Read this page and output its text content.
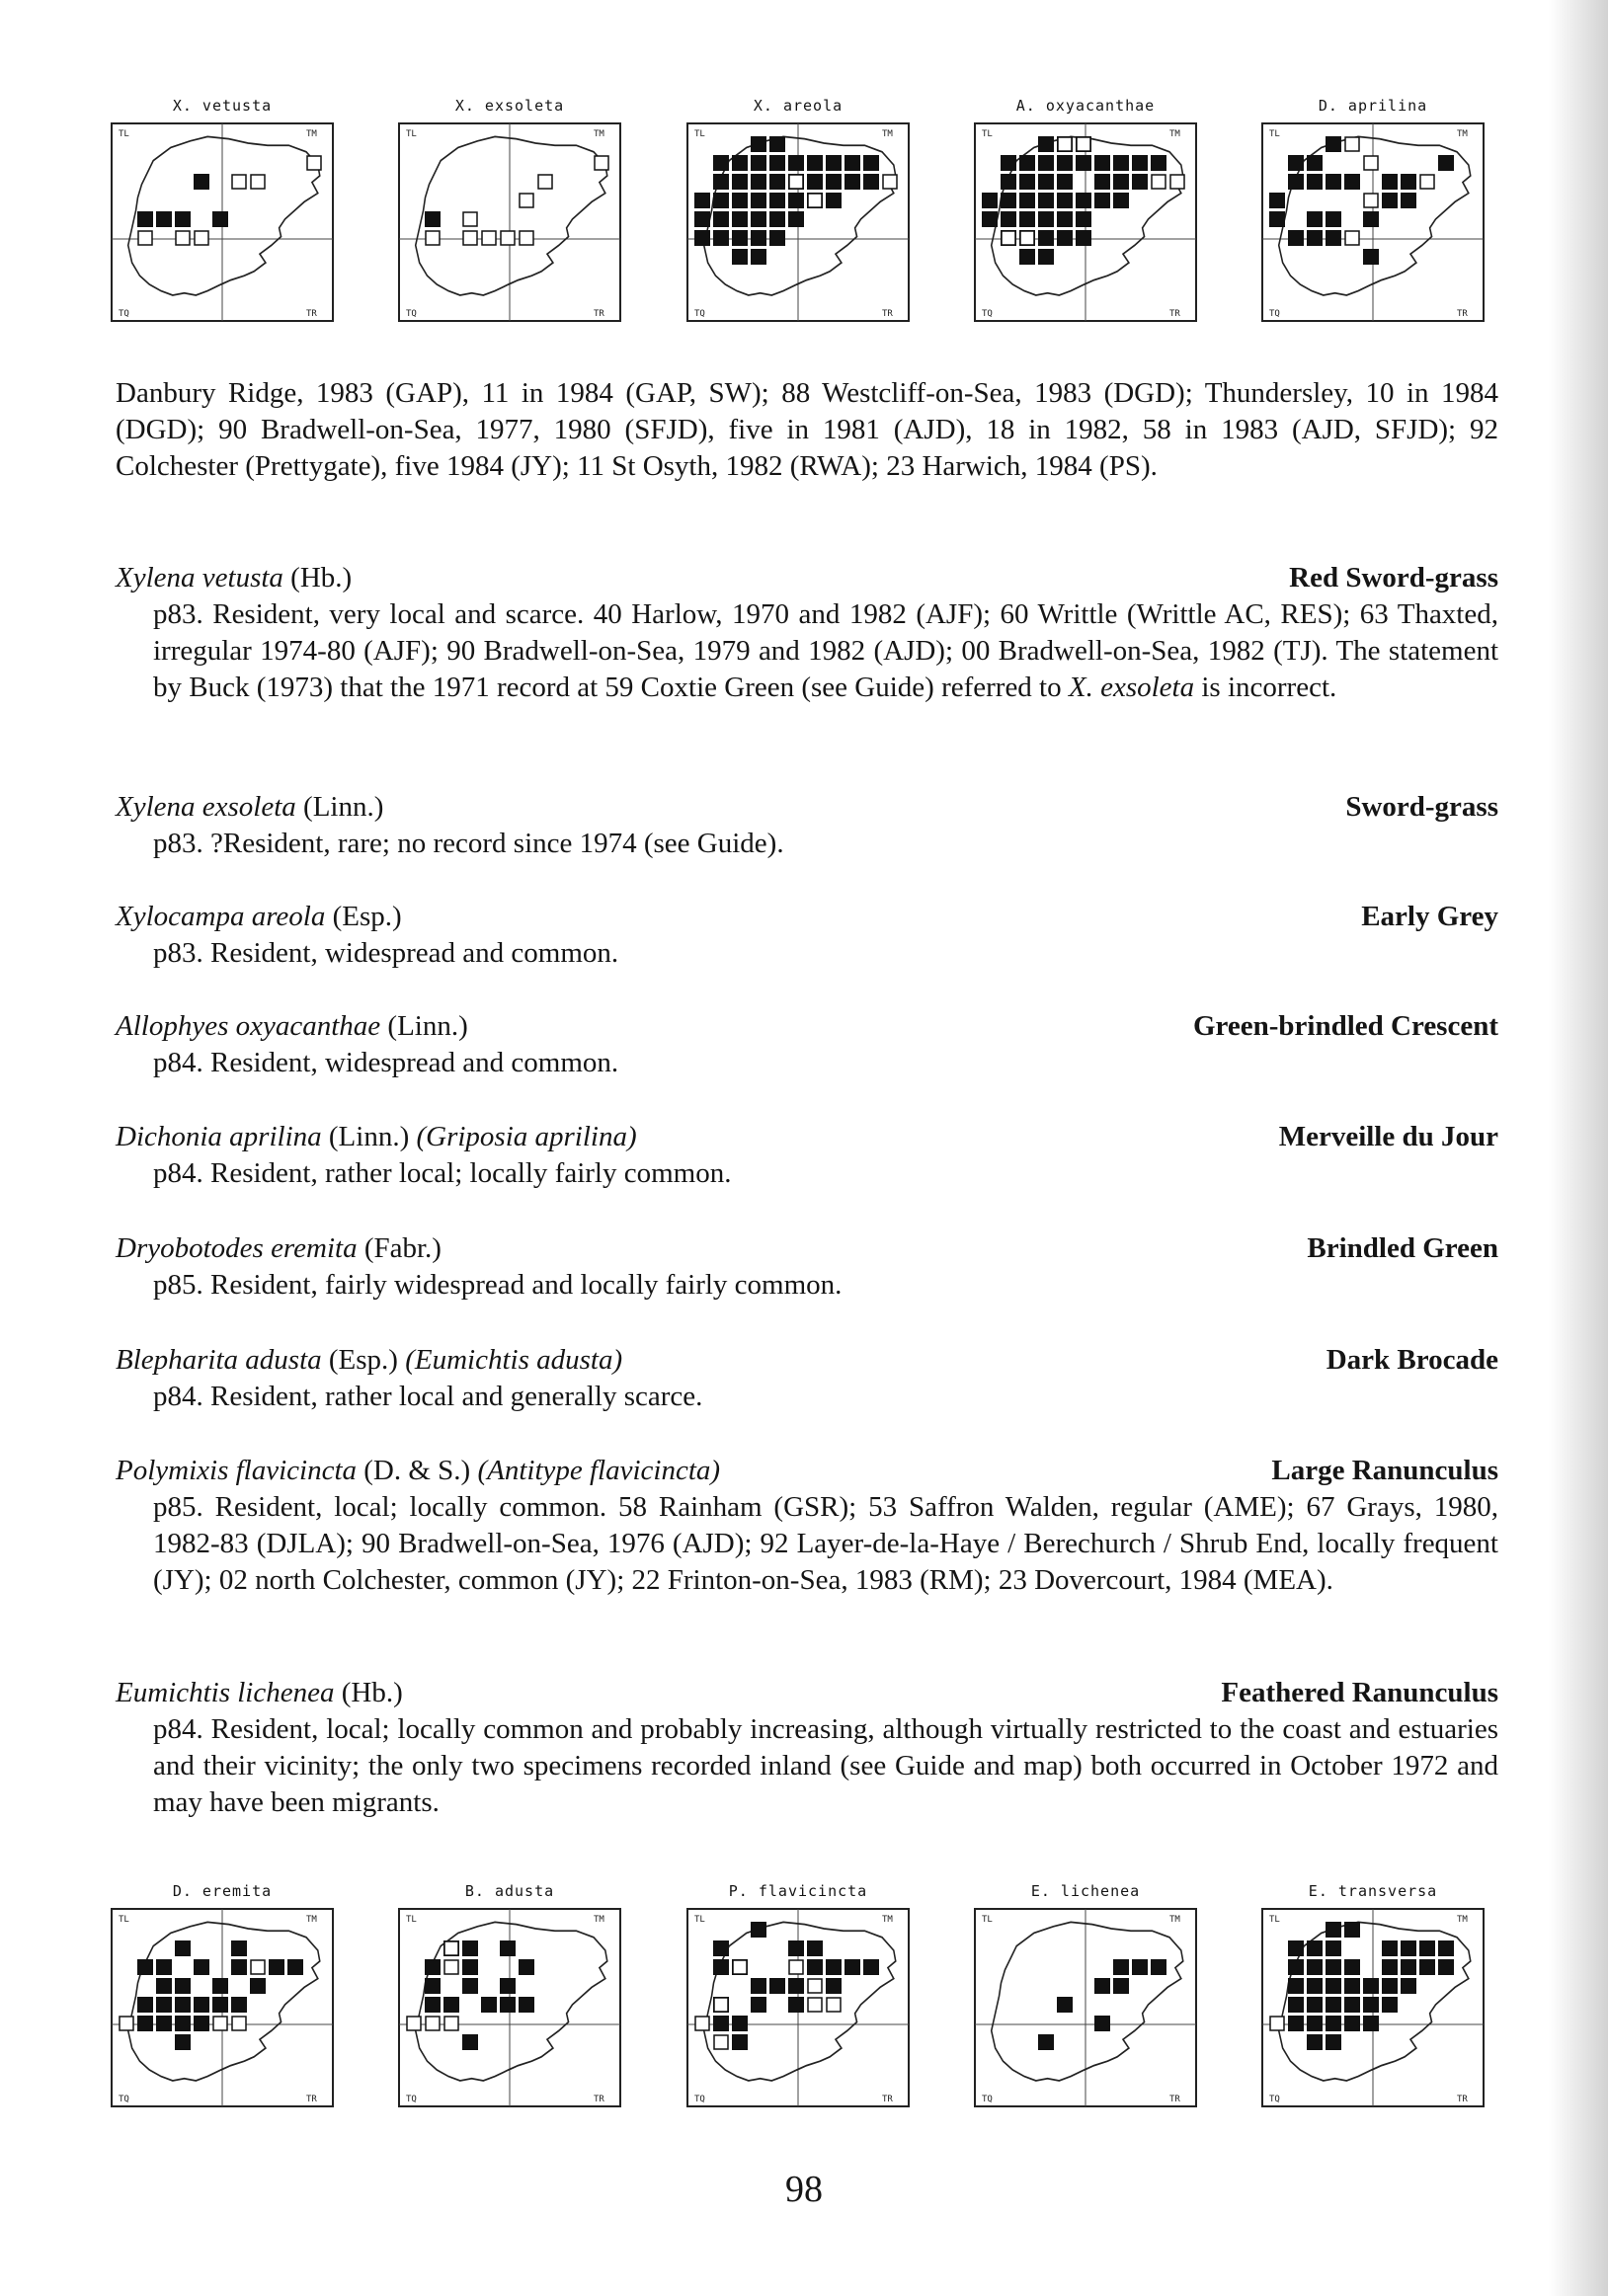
X. vetusta
TL	TM
TQ	TR
X. exsoleta
TL	TM
TQ	TR
X. areola
TL	TM
TQ	TR
A. oxyacanthae
TL	TM
TQ	TR
D. aprilina
TL	TM
TQ	TR

Danbury Ridge, 1983 (GAP), 11 in 1984 (GAP, SW); 88 Westcliff-on-Sea, 1983 (DGD); Thundersley, 10 in 1984 (DGD); 90 Bradwell-on-Sea, 1977, 1980 (SFJD), five in 1981 (AJD), 18 in 1982, 58 in 1983 (AJD, SFJD); 92 Colchester (Prettygate), five 1984 (JY); 11 St Osyth, 1982 (RWA); 23 Harwich, 1984 (PS).

Xylena vetusta (Hb.)	Red Sword-grass

p83. Resident, very local and scarce. 40 Harlow, 1970 and 1982 (AJF); 60 Writtle (Writtle AC, RES); 63 Thaxted, irregular 1974-80 (AJF); 90 Bradwell-on-Sea, 1979 and 1982 (AJD); 00 Bradwell-on-Sea, 1982 (TJ). The statement by Buck (1973) that the 1971 record at 59 Coxtie Green (see Guide) referred to X. exsoleta is incorrect.

Xylena exsoleta (Linn.)	Sword-grass

p83. ?Resident, rare; no record since 1974 (see Guide).

Xylocampa areola (Esp.)	Early Grey

p83. Resident, widespread and common.

Allophyes oxyacanthae (Linn.)	Green-brindled Crescent

p84. Resident, widespread and common.

Dichonia aprilina (Linn.) (Griposia aprilina)	Merveille du Jour

p84. Resident, rather local; locally fairly common.

Dryobotodes eremita (Fabr.)	Brindled Green

p85. Resident, fairly widespread and locally fairly common.

Blepharita adusta (Esp.) (Eumichtis adusta)	Dark Brocade

p84. Resident, rather local and generally scarce.

Polymixis flavicincta (D. & S.) (Antitype flavicincta)	Large Ranunculus

p85. Resident, local; locally common. 58 Rainham (GSR); 53 Saffron Walden, regular (AME); 67 Grays, 1980, 1982-83 (DJLA); 90 Bradwell-on-Sea, 1976 (AJD); 92 Layer-de-la-Haye / Berechurch / Shrub End, locally frequent (JY); 02 north Colchester, common (JY); 22 Frinton-on-Sea, 1983 (RM); 23 Dovercourt, 1984 (MEA).

Eumichtis lichenea (Hb.)	Feathered Ranunculus

p84. Resident, local; locally common and probably increasing, although virtually restricted to the coast and estuaries and their vicinity; the only two specimens recorded inland (see Guide and map) both occurred in October 1972 and may have been migrants.

D. eremita
TL	TM
TQ	TR
B. adusta
TL	TM
TQ	TR
P. flavicincta
TL	TM
TQ	TR
E. lichenea
TL	TM
TQ	TR
E. transversa
TL	TM
TQ	TR
98
